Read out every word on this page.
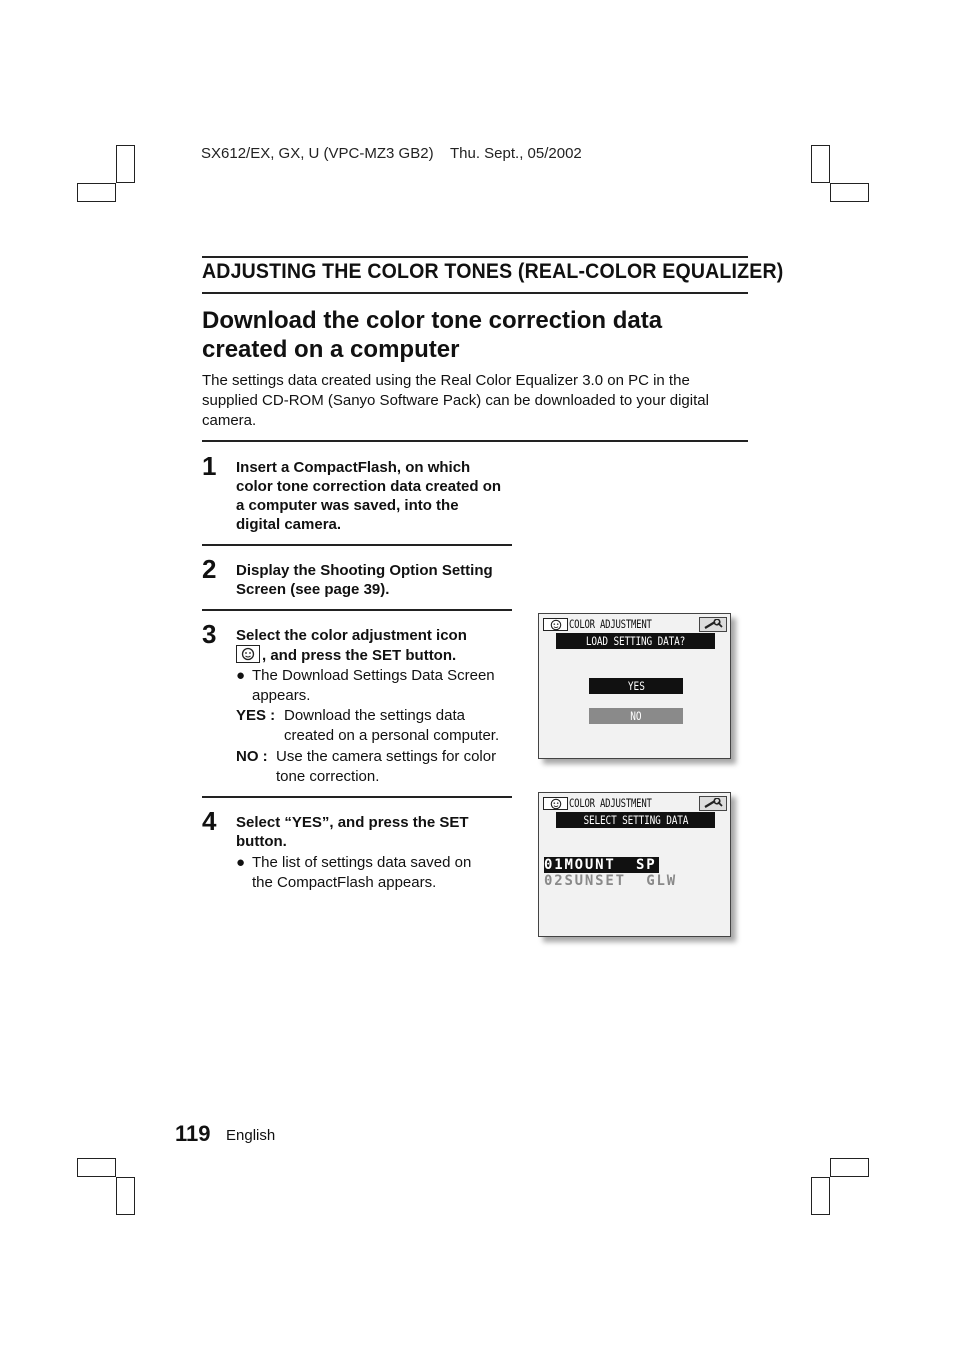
SX612/EX, GX, U (VPC-MZ3 GB2) Thu. Sept., 05/2002
ADJUSTING THE COLOR TONES (REAL-COLOR EQUALIZER)
Download the color tone correction data
created on a computer
The settings data created using the Real Color Equalizer 3.0 on PC in the supplied CD-ROM (Sanyo Software Pack) can be downloaded to your digital camera.
1 Insert a CompactFlash, on which color tone correction data created on a computer was saved, into the digital camera.
2 Display the Shooting Option Setting Screen (see page 39).
3 Select the color adjustment icon

, and press the SET button.
● The Download Settings Data Screen appears.
YES : Download the settings data created on a personal computer.
NO : Use the camera settings for color tone correction.
4 Select “YES”, and press the SET button.
● The list of settings data saved on the CompactFlash appears.
COLOR ADJUSTMENT
LOAD SETTING DATA?
YES
NO
COLOR ADJUSTMENT
SELECT SETTING DATA
01MOUNT  SP
02SUNSET  GLW
119 English
